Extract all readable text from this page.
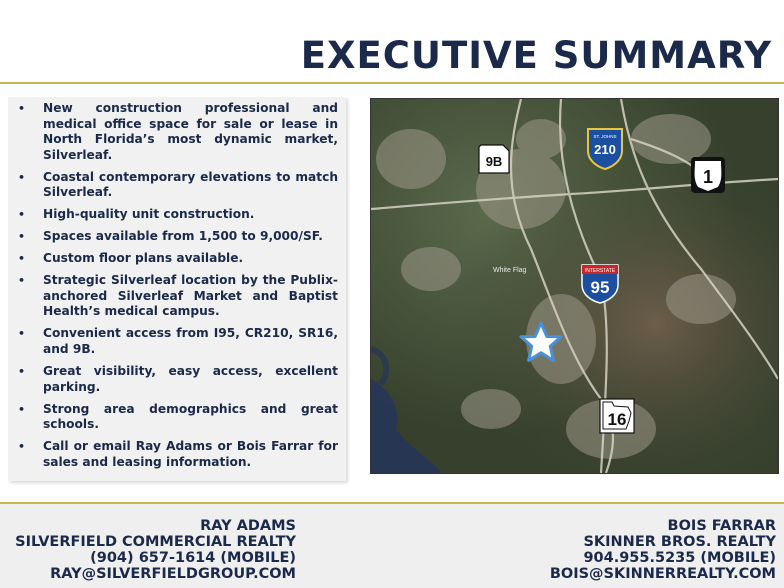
EXECUTIVE SUMMARY
• New construction professional and medical office space for sale or lease in North Florida’s most dynamic market, Silverleaf.
• Coastal contemporary elevations to match Silverleaf.
• High-quality unit construction.
• Spaces available from 1,500 to 9,000/SF.
• Custom floor plans available.
• Strategic Silverleaf location by the Publix-anchored Silverleaf Market and Baptist Health’s medical campus.
• Convenient access from I95, CR210, SR16, and 9B.
• Great visibility, easy access, excellent parking.
• Strong area demographics and great schools.
• Call or email Ray Adams or Bois Farrar for sales and leasing information.
9B
ST. JOHNS
210
1
INTERSTATE
95
16
White Flag
RAY ADAMS
SILVERFIELD COMMERCIAL REALTY
(904) 657-1614 (MOBILE)
RAY@SILVERFIELDGROUP.COM
BOIS FARRAR
SKINNER BROS. REALTY
904.955.5235 (MOBILE)
BOIS@SKINNERREALTY.COM
